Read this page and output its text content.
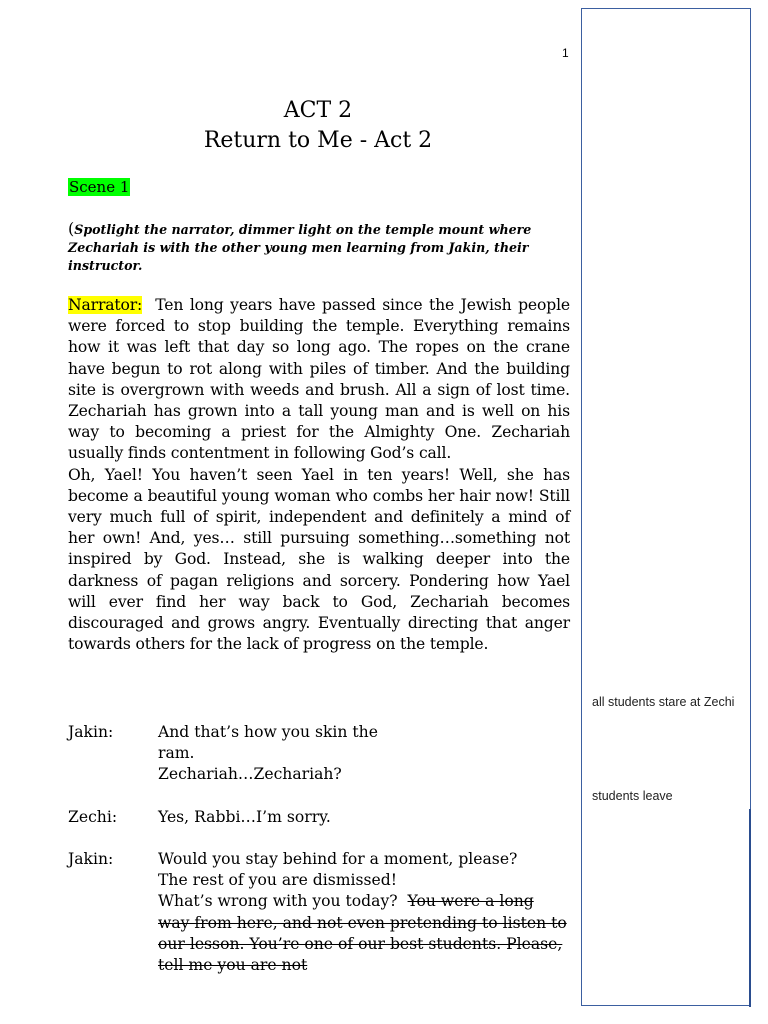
1
ACT 2
Return to Me - Act 2
Scene 1
(Spotlight the narrator, dimmer light on the temple mount where Zechariah is with the other young men learning from Jakin, their instructor.

Narrator: Ten long years have passed since the Jewish people were forced to stop building the temple. Everything remains how it was left that day so long ago. The ropes on the crane have begun to rot along with piles of timber. And the building site is overgrown with weeds and brush. All a sign of lost time. Zechariah has grown into a tall young man and is well on his way to becoming a priest for the Almighty One. Zechariah usually finds contentment in following God’s call.

Oh, Yael! You haven’t seen Yael in ten years! Well, she has become a beautiful young woman who combs her hair now! Still very much full of spirit, independent and definitely a mind of her own! And, yes… still pursuing something…something not inspired by God. Instead, she is walking deeper into the darkness of pagan religions and sorcery. Pondering how Yael will ever find her way back to God, Zechariah becomes discouraged and grows angry. Eventually directing that anger towards others for the lack of progress on the temple.

Jakin:	And that’s how you skin the
ram.
Zechariah…Zechariah?
Zechi:	Yes, Rabbi…I’m sorry.
Jakin:	Would you stay behind for a moment, please?
The rest of you are dismissed!
What’s wrong with you today? You were a long way from here, and not even pretending to listen to our lesson. You’re one of our best students. Please, tell me you are not
all students stare at Zechi
students leave
